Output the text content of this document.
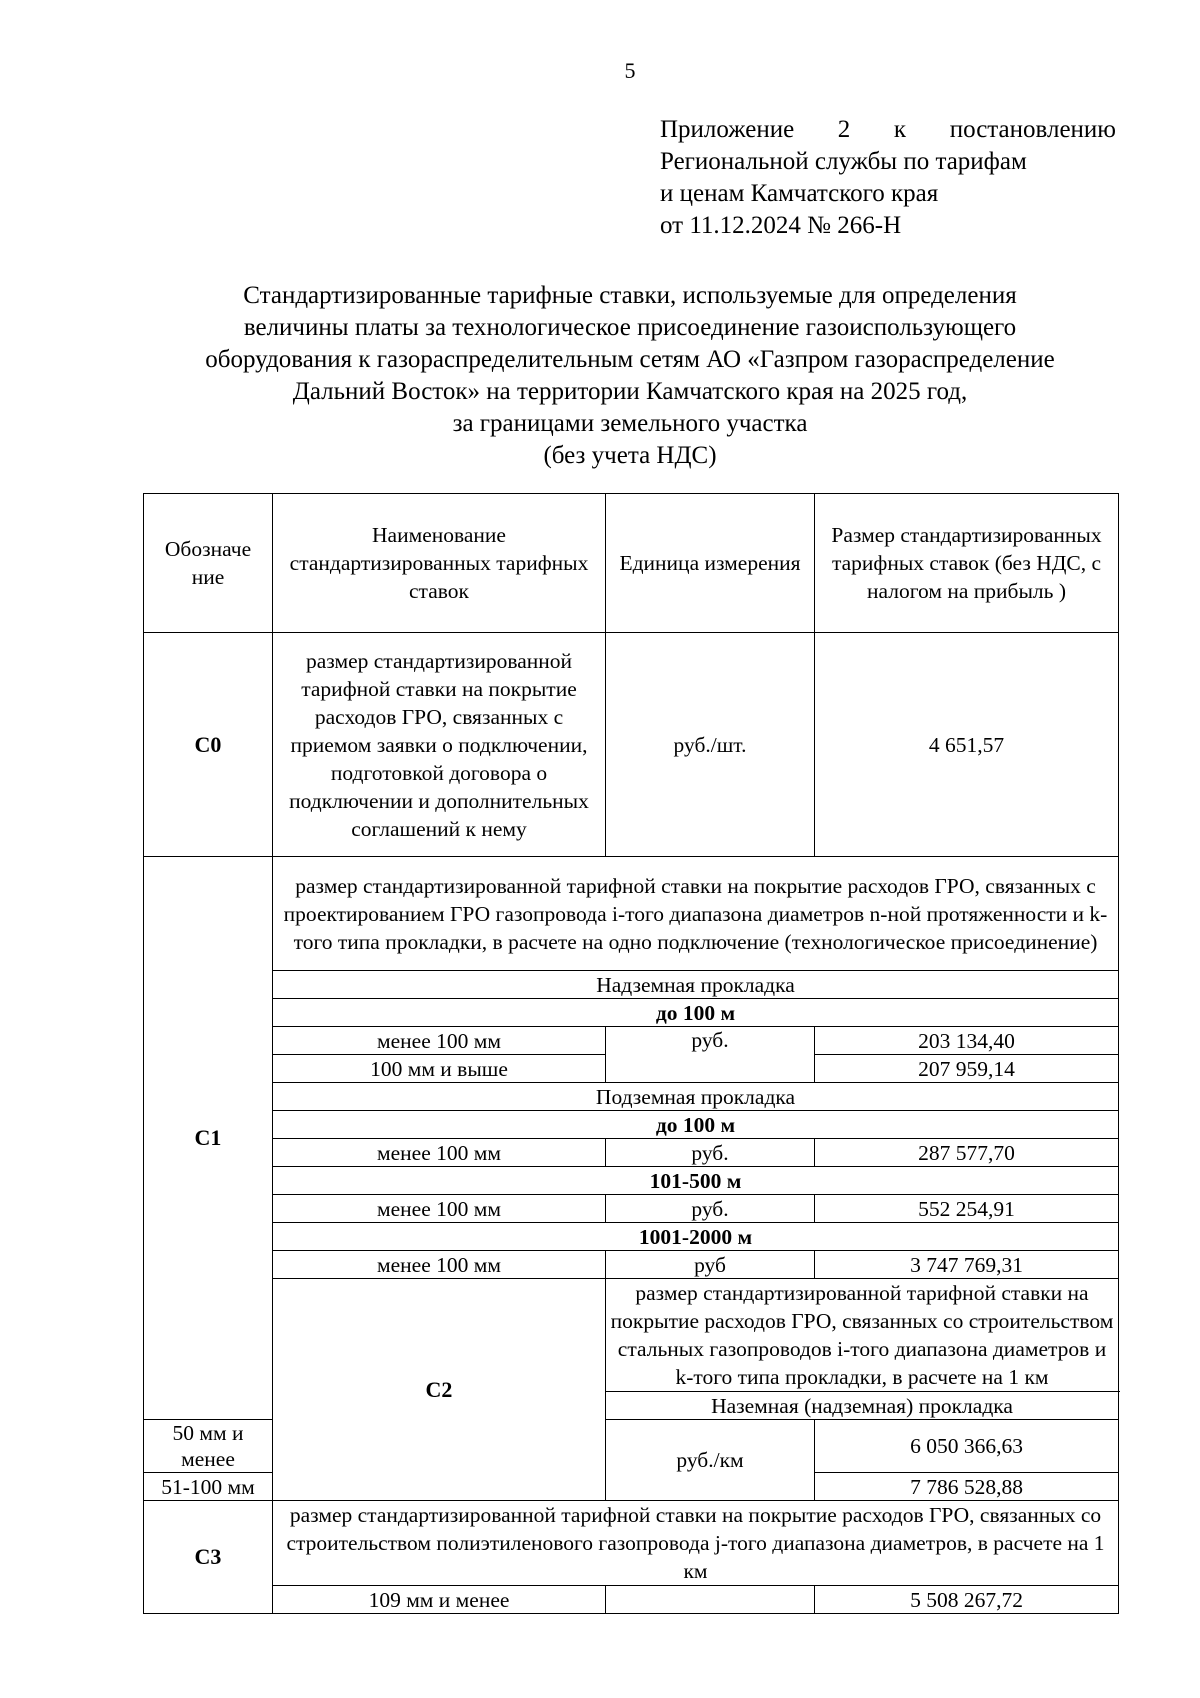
5
Приложение 2 к постановлению
Региональной службы по тарифам
и ценам Камчатского края
от 11.12.2024 № 266-Н
Стандартизированные тарифные ставки, используемые для определения
величины платы за технологическое присоединение газоиспользующего
оборудования к газораспределительным сетям АО «Газпром газораспределение
Дальний Восток» на территории Камчатского края на 2025 год,
за границами земельного участка
(без учета НДС)
Обозначе ние	Наименование стандартизированных тарифных ставок	Единица измерения	Размер стандартизированных тарифных ставок (без НДС, с налогом на прибыль )
С0	размер стандартизированной тарифной ставки на покрытие расходов ГРО, связанных с приемом заявки о подключении, подготовкой договора о подключении и дополнительных соглашений к нему	руб./шт.	4 651,57
С1	размер стандартизированной тарифной ставки на покрытие расходов ГРО, связанных с проектированием ГРО газопровода i-того диапазона диаметров n-ной протяженности и k-того типа прокладки, в расчете на одно подключение (технологическое присоединение)		
	Надземная прокладка		
	до 100 м		
	менее 100 мм	руб.	203 134,40
	100 мм и выше		207 959,14
	Подземная прокладка		
	до 100 м		
	менее 100 мм	руб.	287 577,70
	101-500 м		
	менее 100 мм	руб.	552 254,91
	1001-2000 м		
	менее 100 мм	руб	3 747 769,31
	С2	размер стандартизированной тарифной ставки на покрытие расходов ГРО, связанных со строительством стальных газопроводов i-того диапазона диаметров и k-того типа прокладки, в расчете на 1 км	
		Наземная (надземная) прокладка	
50 мм и менее		руб./км	6 050 366,63
51-100 мм			7 786 528,88
С3	размер стандартизированной тарифной ставки на покрытие расходов ГРО, связанных со строительством полиэтиленового газопровода j-того диапазона диаметров, в расчете на 1 км		
	109 мм и менее		5 508 267,72
